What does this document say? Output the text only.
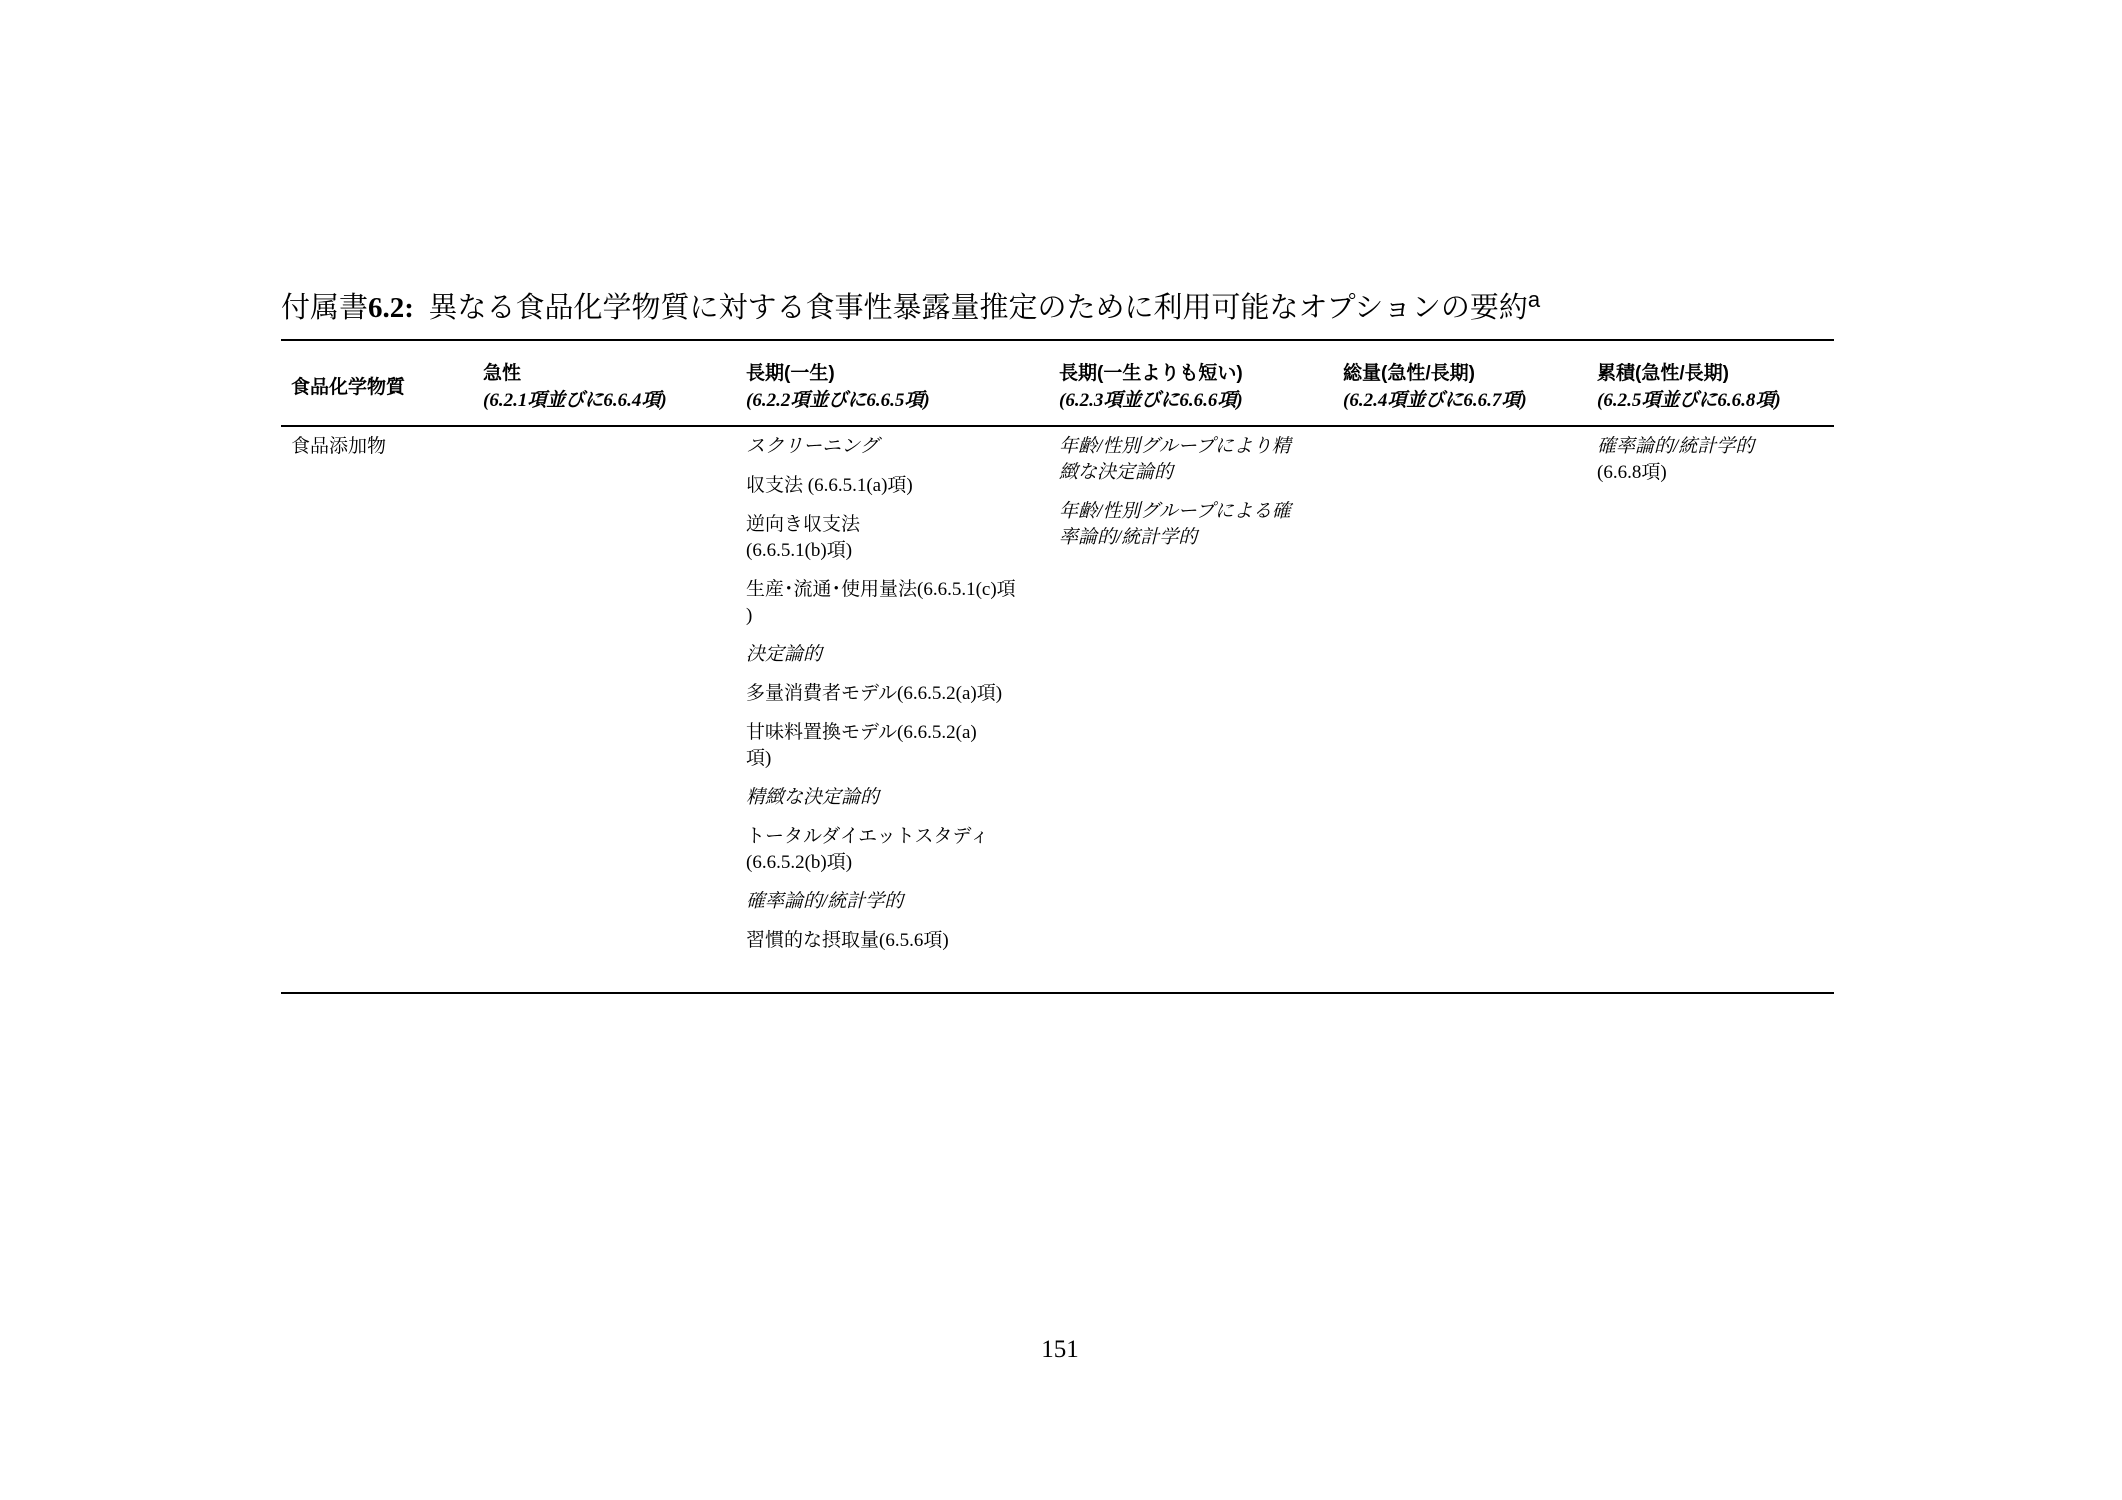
付属書6.2: 異なる食品化学物質に対する食事性暴露量推定のために利用可能なオプションの要約$^a$
食品化学物質
急性
(6.2.1項並びに6.6.4項)
長期(一生)
(6.2.2項並びに6.6.5項)
長期(一生よりも短い)
(6.2.3項並びに6.6.6項)
総量(急性/長期)
(6.2.4項並びに6.6.7項)
累積(急性/長期)
(6.2.5項並びに6.6.8項)
食品添加物	スクリーニング
収支法 (6.6.5.1(a)項)
逆向き収支法
(6.6.5.1(b)項)
生産･流通･使用量法(6.6.5.1(c)項
)
決定論的
多量消費者モデル(6.6.5.2(a)項)
甘味料置換モデル(6.6.5.2(a)
項)
精緻な決定論的
トータルダイエットスタディ
(6.6.5.2(b)項)
確率論的/統計学的
習慣的な摂取量(6.5.6項)
年齢/性別グループにより精
緻な決定論的
年齢/性別グループによる確
率論的/統計学的
確率論的/統計学的
(6.6.8項)
151
